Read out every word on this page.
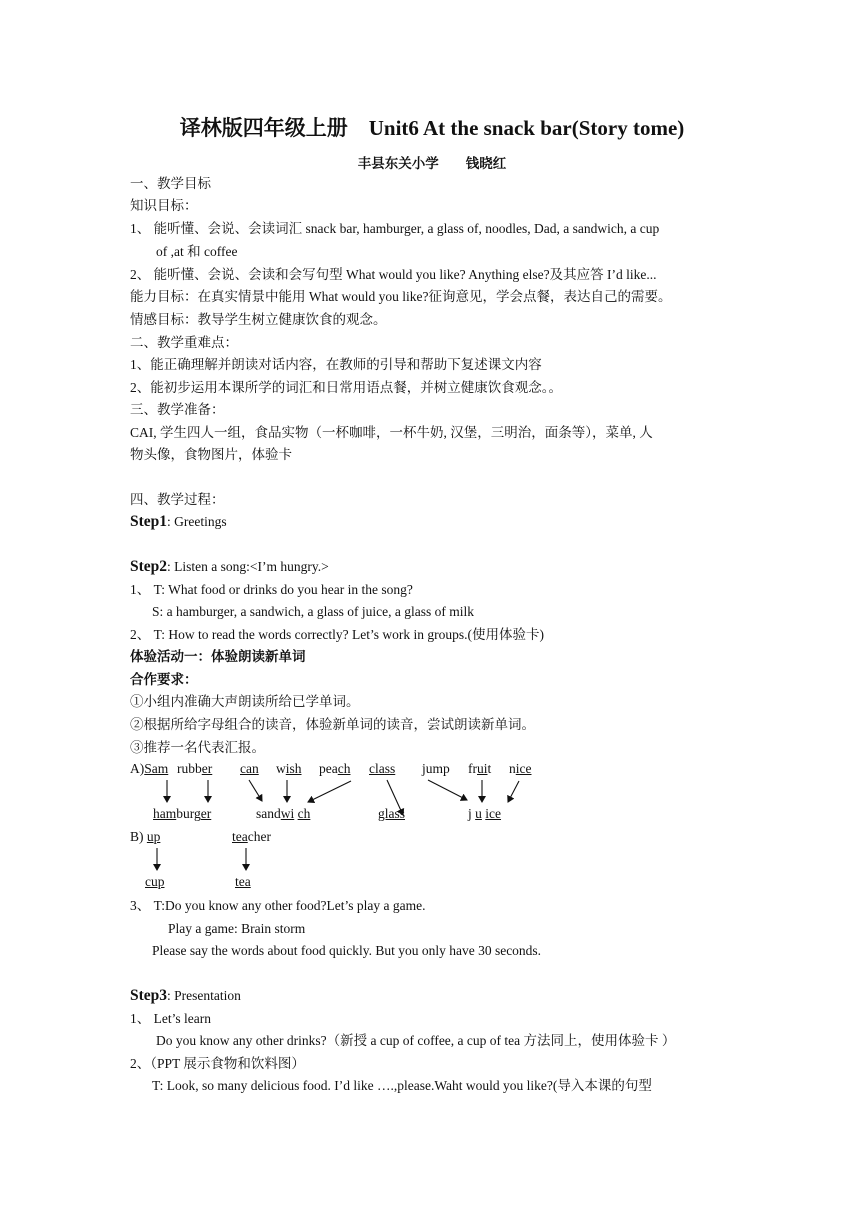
译林版四年级上册　Unit6 At the snack bar(Story tome)
丰县东关小学　　钱晓红
一、教学目标
知识目标：
1、 能听懂、会说、会读词汇 snack bar, hamburger, a glass of, noodles, Dad, a sandwich, a cup
of ,at 和 coffee
2、 能听懂、会说、会读和会写句型 What would you like? Anything else?及其应答 I’d like...
能力目标：在真实情景中能用 What would you like?征询意见，学会点餐，表达自己的需要。
情感目标：教导学生树立健康饮食的观念。
二、教学重难点：
1、能正确理解并朗读对话内容，在教师的引导和帮助下复述课文内容
2、能初步运用本课所学的词汇和日常用语点餐，并树立健康饮食观念。。
三、教学准备：
CAI, 学生四人一组，食品实物（一杯咖啡，一杯牛奶, 汉堡，三明治，面条等），菜单, 人
物头像，食物图片，体验卡
四、教学过程：
Step1: Greetings
Step2: Listen a song:<I’m hungry.>
1、 T: What food or drinks do you hear in the song?
S: a hamburger, a sandwich, a glass of juice, a glass of milk
2、 T: How to read the words correctly? Let’s work in groups.(使用体验卡)
体验活动一：体验朗读新单词
合作要求：
①小组内准确大声朗读所给已学单词。
②根据所给字母组合的读音，体验新单词的读音，尝试朗读新单词。
③推荐一名代表汇报。
A)Sam rubber can wish peach class jump fruit nice
hamburger	sandwi ch	glass	j u ice
B) up	teacher
cup	tea
3、 T:Do you know any other food?Let’s play a game.
Play a game: Brain storm
Please say the words about food quickly. But you only have 30 seconds.
Step3: Presentation
1、 Let’s learn
Do you know any other drinks?（新授 a cup of coffee, a cup of tea 方法同上，使用体验卡 ）
2、（PPT 展示食物和饮料图）
T: Look, so many delicious food. I’d like ….,please.Waht would you like?(导入本课的句型
